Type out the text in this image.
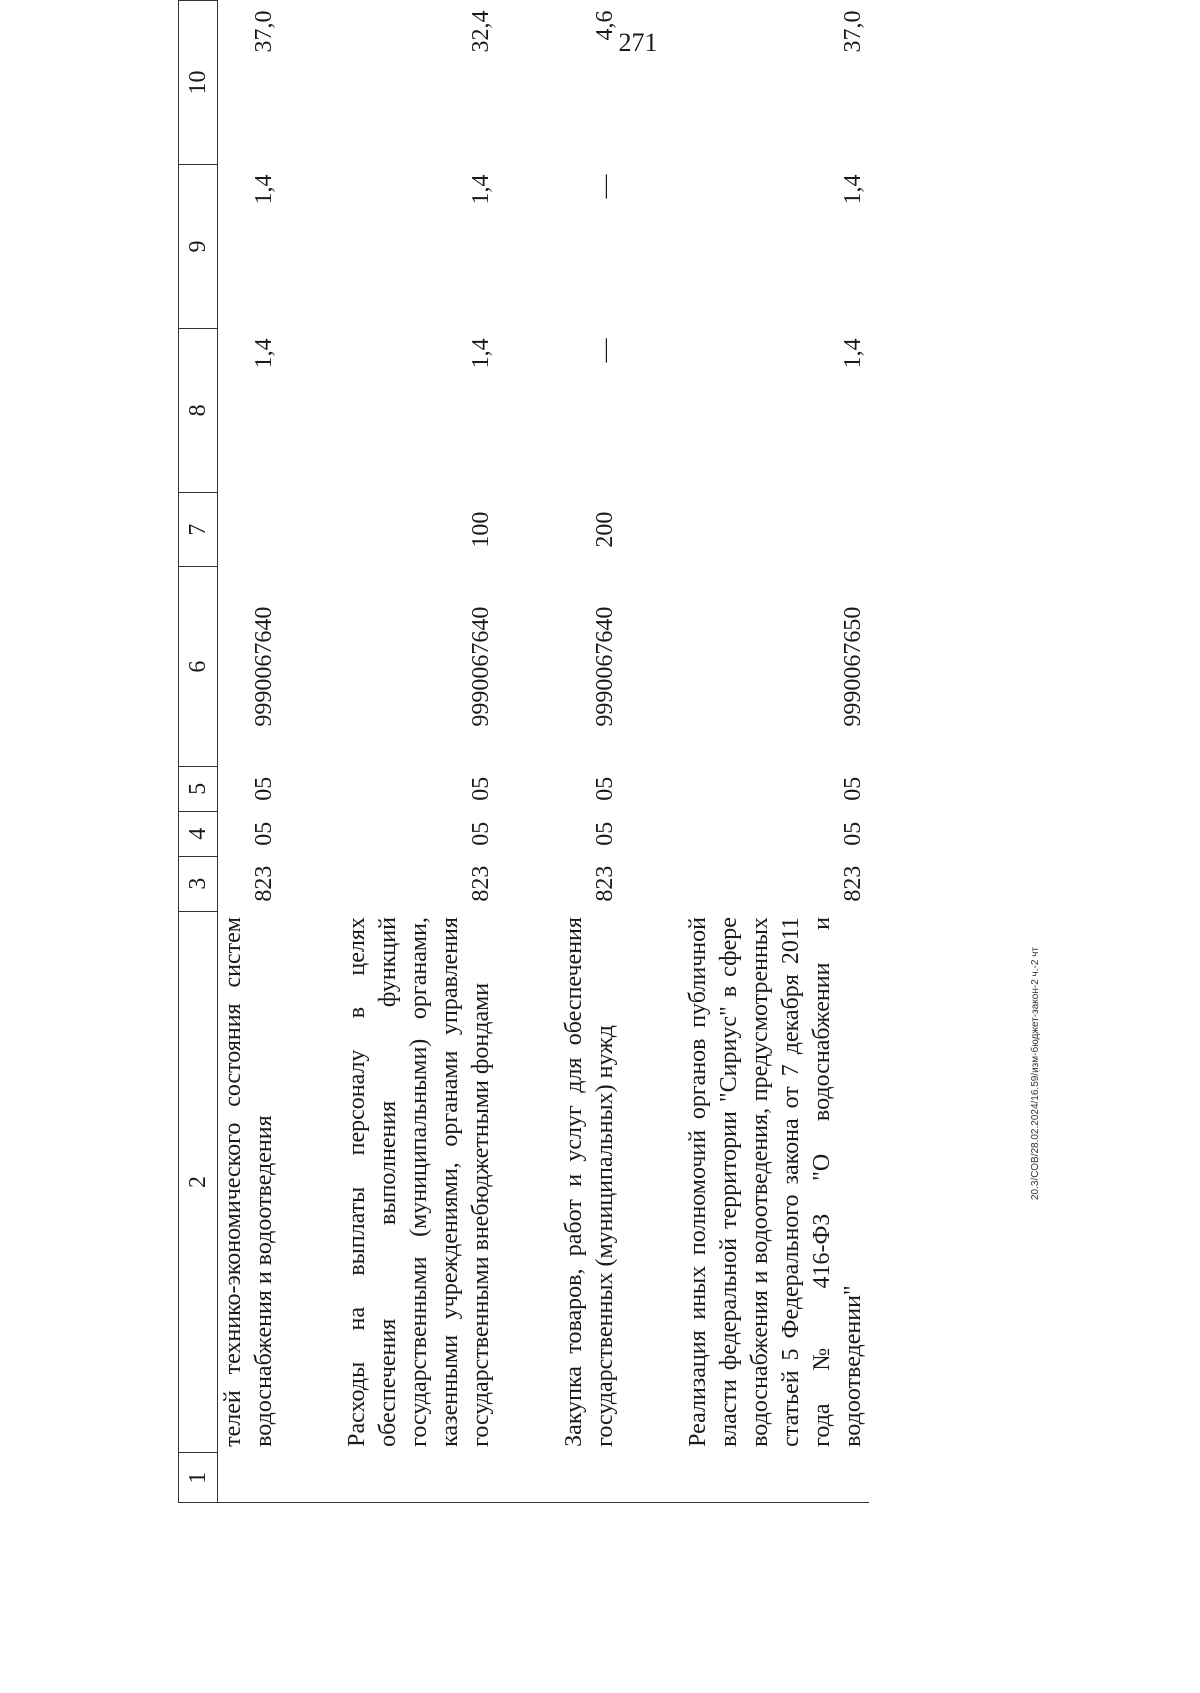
271
1	2	3	4	5	6	7	8	9	10
	телей технико-экономического состояния систем водоснабжения и водоотведения	823	05	05	9990067640		1,4	1,4	37,0

	Расходы на выплаты персоналу в целях обеспечения выполнения функций государственными (муниципальными) органами, казенными учреждениями, органами управления государственными внебюджетными фондами	823	05	05	9990067640	100	1,4	1,4	32,4

	Закупка товаров, работ и услуг для обеспечения государственных (муниципальных) нужд	823	05	05	9990067640	200	—	—	4,6

	Реализация иных полномочий органов публичной власти федеральной территории "Сириус" в сфере водоснабжения и водоотведения, предусмотренных статьей 5 Федерального закона от 7 декабря 2011 года № 416-ФЗ "О водоснабжении и водоотведении"	823	05	05	9990067650		1,4	1,4	37,0
20.3/СОВ/28.02.2024/16.59/изм-бюджет-закон-2 ч.-2 чт
